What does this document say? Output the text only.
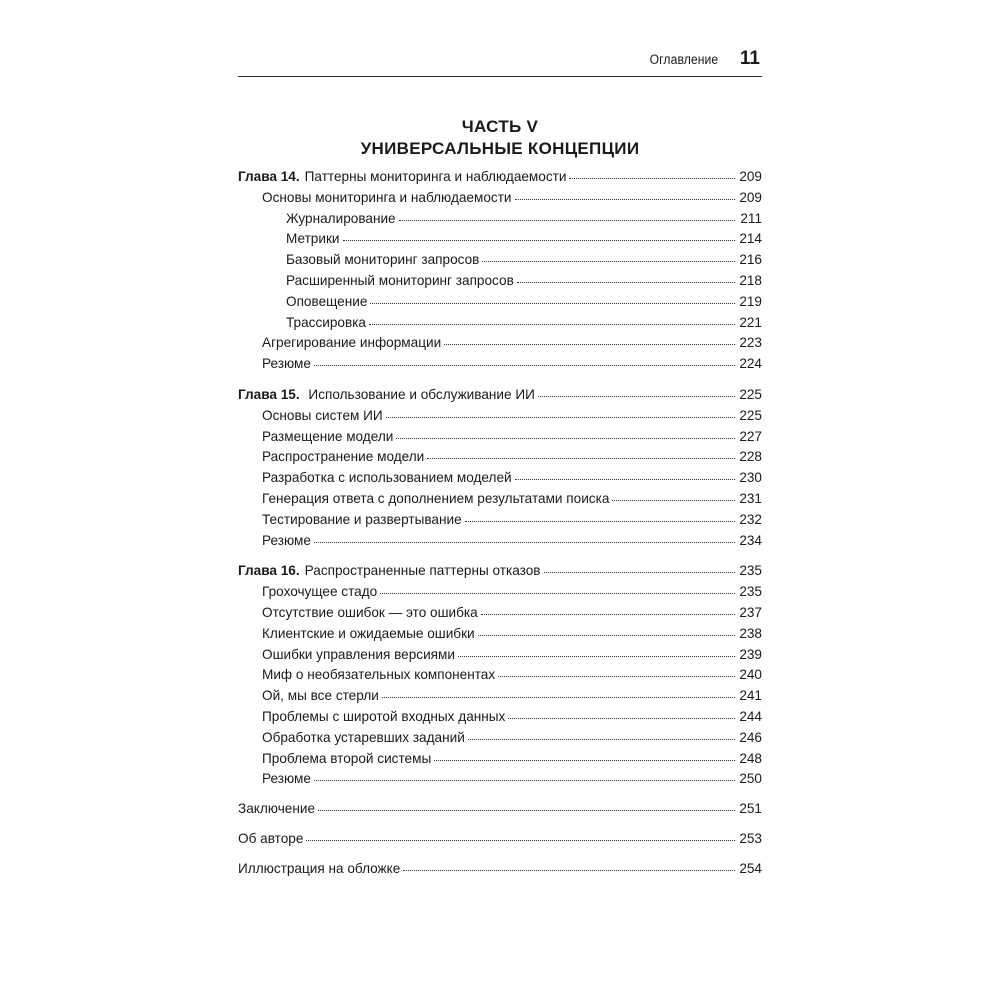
Оглавление 11
ЧАСТЬ V
УНИВЕРСАЛЬНЫЕ КОНЦЕПЦИИ
Глава 14. Паттерны мониторинга и наблюдаемости	209
Основы мониторинга и наблюдаемости	209
Журналирование	211
Метрики	214
Базовый мониторинг запросов	216
Расширенный мониторинг запросов	218
Оповещение	219
Трассировка	221
Агрегирование информации	223
Резюме	224
Глава 15. Использование и обслуживание ИИ	225
Основы систем ИИ	225
Размещение модели	227
Распространение модели	228
Разработка с использованием моделей	230
Генерация ответа с дополнением результатами поиска	231
Тестирование и развертывание	232
Резюме	234
Глава 16. Распространенные паттерны отказов	235
Грохочущее стадо	235
Отсутствие ошибок — это ошибка	237
Клиентские и ожидаемые ошибки	238
Ошибки управления версиями	239
Миф о необязательных компонентах	240
Ой, мы все стерли	241
Проблемы с широтой входных данных	244
Обработка устаревших заданий	246
Проблема второй системы	248
Резюме	250
Заключение	251
Об авторе	253
Иллюстрация на обложке	254
